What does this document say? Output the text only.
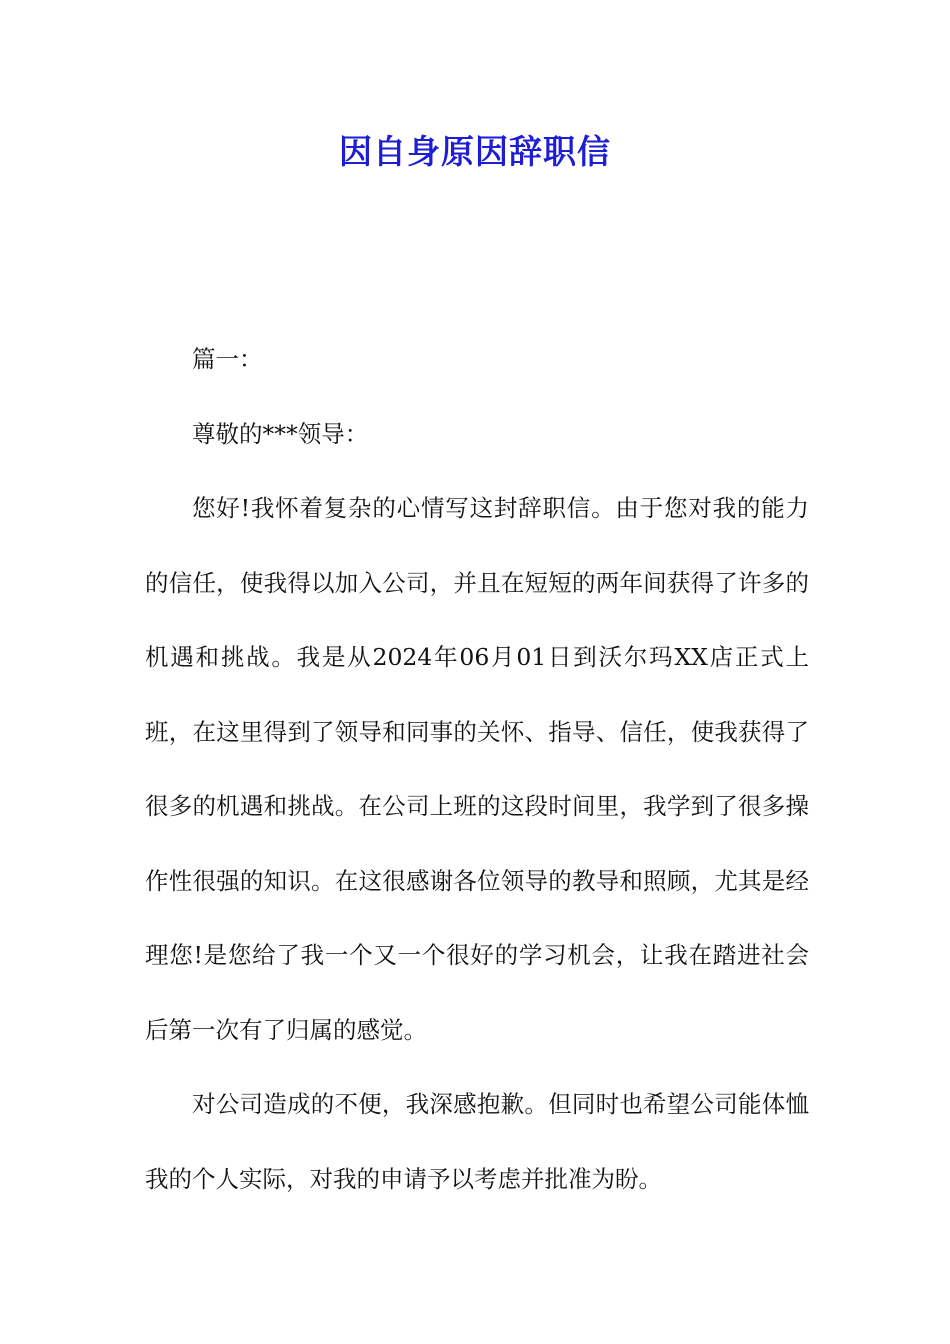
因自身原因辞职信

篇一：

尊敬的***领导：

您好!我怀着复杂的心情写这封辞职信。由于您对我的能力的信任，使我得以加入公司，并且在短短的两年间获得了许多的机遇和挑战。我是从2024年06月01日到沃尔玛XX店正式上班，在这里得到了领导和同事的关怀、指导、信任，使我获得了很多的机遇和挑战。在公司上班的这段时间里，我学到了很多操作性很强的知识。在这很感谢各位领导的教导和照顾，尤其是经理您!是您给了我一个又一个很好的学习机会，让我在踏进社会后第一次有了归属的感觉。

对公司造成的不便，我深感抱歉。但同时也希望公司能体恤我的个人实际，对我的申请予以考虑并批准为盼。
